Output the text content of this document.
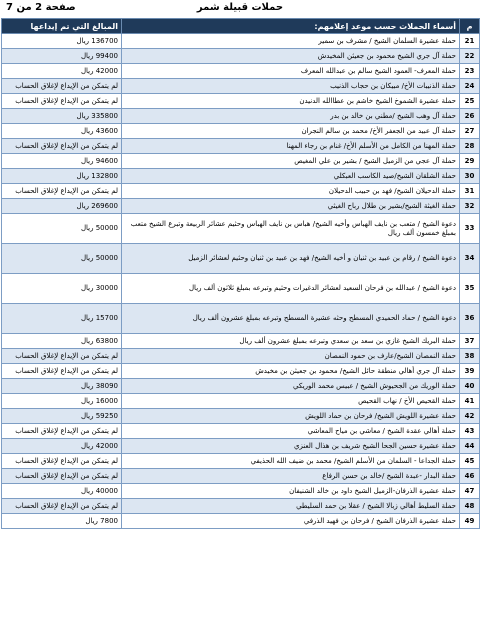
صفحة 2 من 7	حملات قبيلة شمر
م	أسماء الحملات حسب موعد إعلامهم:	المبالغ التي تم إيداعها
21	حملة عشيرة السلمان الشيخ / مشرف بن سمير	136700 ريال
22	حملة آل جري الشيخ محمود بن جعيثن المخيدش	99400 ريال
23	حملة المعرف- العمود الشيخ سالم بن عبدالله المعرف	42000 ريال
24	حملة الذنيبات الأخ/ مبيكان بن حجاب الذنيب	لم يتمكن من الإيداع لإغلاق الحساب
25	حملة عشيرة الشموخ الشيخ خاشم بن عطاالله الدنيدن	لم يتمكن من الإيداع لإغلاق الحساب
26	حملة آل وهب الشيخ /مطني بن خالد بن بدر	335800 ريال
27	حملة آل عبيد من الجعفر الأخ/ محمد بن سالم النجران	43600 ريال
28	حملة المهنا من الكامل من الأسلم الأخ/ غنام بن رجاء المهنا	لم يتمكن من الإيداع لإغلاق الحساب
29	حملة آل عجي من الزميل الشيخ / بشير بن علي المغيص	94600 ريال
30	حملة الشلقان الشيخ/صيد الكاسب العبكلي	132800 ريال
31	حملة الدحيلان الشيخ/ فهد بن حبيب الدحيلان	لم يتمكن من الإيداع لإغلاق الحساب
32	حملة الغيثة الشيخ/بشير بن طلال رباح الغيثي	269600 ريال
33	دعوة الشيخ / متعب بن نايف الهباس وأخيه الشيخ/ هباس بن نايف الهباس وحثيم عشائر الربيعة وتبرع الشيخ متعب بمبلغ خمسون ألف ريال	50000 ريال
34	دعوة الشيخ / رقام بن عبيد بن ثنيان و أخيه الشيخ/ فهد بن عبيد بن ثنيان وحثيم لعشائر الزميل	50000 ريال
35	دعوة الشيخ / عبدالله بن فرحان السعيد لعشائر الدغيرات وحثيم وتبرعه بمبلغ ثلاثون ألف ريال	30000 ريال
36	دعوة الشيخ / حماد الحميدي المسطح وحثه عشيرة المسطح وتبرعه بمبلغ عشرون ألف ريال	15700 ريال
37	حملة البريك الشيخ غازي بن سعد بن سعدي وتبرعه بمبلغ عشرون ألف ريال	63800 ريال
38	حملة النمصان الشيخ/عارف بن حمود النمصان	لم يتمكن من الإيداع لإغلاق الحساب
39	حملة آل جري أهالي منطقة حائل الشيخ/ محمود بن جعيثن بن مخيدش	لم يتمكن من الإيداع لإغلاق الحساب
40	حملة الوريك من الجحيوش الشيخ / عبيس محمد الوريكي	38090 ريال
41	حملة القحيص الأخ / نهاب القحيص	16000 ريال
42	حملة عشيرة اللويش الشيخ/ فرحان بن حماد اللويش	59250 ريال
43	حملة أهالي عقدة الشيخ / معاشي بن مياح المعاشي	لم يتمكن من الإيداع لإغلاق الحساب
44	حملة عشيرة حسين الجحا الشيخ شريف بن هذال العنزي	42000 ريال
45	حملة الجداعا - السلمان من الأسلم الشيخ/ محمد بن ضيف الله الحذيفي	لم يتمكن من الإيداع لإغلاق الحساب
46	حملة البدار -عبدة الشيخ /خالد بن حسن الرفاع	لم يتمكن من الإيداع لإغلاق الحساب
47	حملة عشيرة الذرفان-الزميل الشيخ داود بن خالد الشنيفان	40000 ريال
48	حملة السليط أهالي زبالا الشيخ / عقلا بن حمد السليطي	لم يتمكن من الإيداع لإغلاق الحساب
49	حملة عشيرة الذرفان الشيخ / فرحان بن فهيد الذرفي	7800 ريال
